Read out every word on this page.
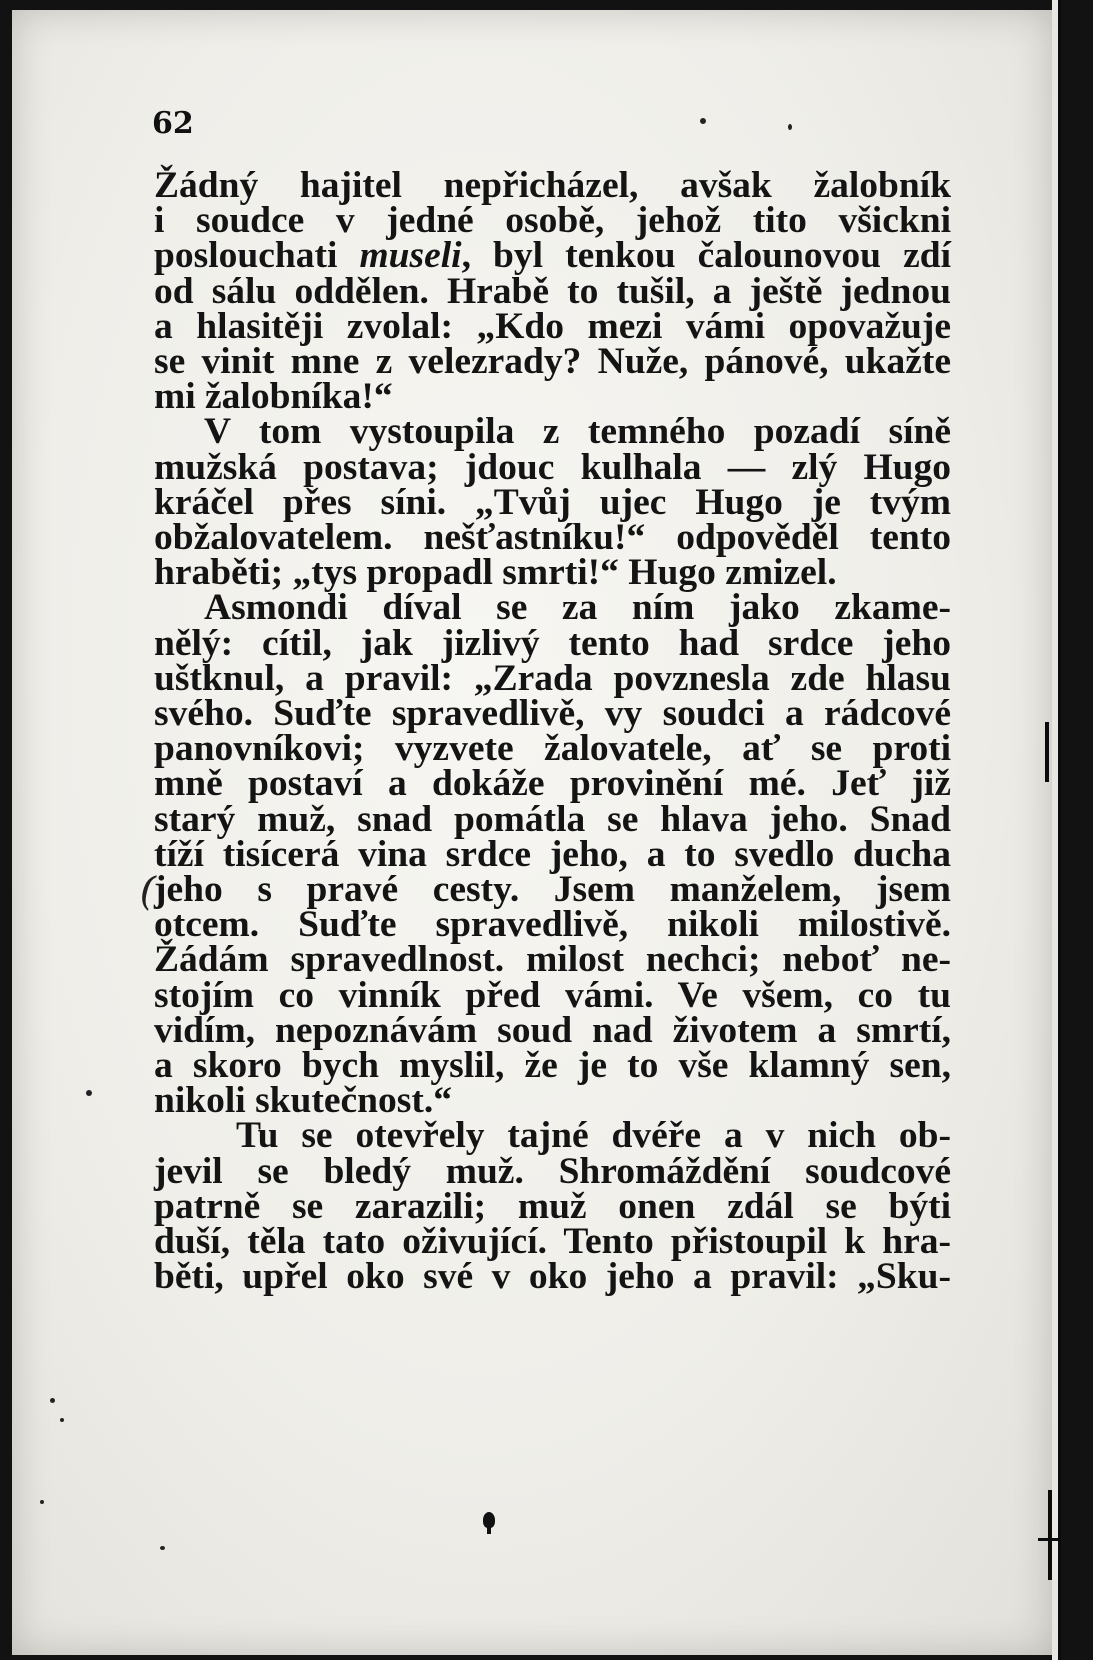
62
Žádný hajitel nepřicházel, avšak žalobník
i soudce v jedné osobě, jehož tito všickni
poslouchati museli, byl tenkou čalounovou zdí
od sálu oddělen. Hrabě to tušil, a ještě jednou
a hlasitěji zvolal: „Kdo mezi vámi opovažuje
se vinit mne z velezrady? Nuže, pánové, ukažte
mi žalobníka!“
V tom vystoupila z temného pozadí síně
mužská postava; jdouc kulhala — zlý Hugo
kráčel přes síni. „Tvůj ujec Hugo je tvým
obžalovatelem. nešťastníku!“ odpověděl tento
hraběti; „tys propadl smrti!“ Hugo zmizel.
Asmondi díval se za ním jako zkame-
nělý: cítil, jak jizlivý tento had srdce jeho
uštknul, a pravil: „Zrada povznesla zde hlasu
svého. Suďte spravedlivě, vy soudci a rádcové
panovníkovi; vyzvete žalovatele, ať se proti
mně postaví a dokáže provinění mé. Jeť již
starý muž, snad pomátla se hlava jeho. Snad
tíží tisícerá vina srdce jeho, a to svedlo ducha
jeho s pravé cesty. Jsem manželem, jsem
otcem. Suďte spravedlivě, nikoli milostivě.
Žádám spravedlnost. milost nechci; neboť ne-
stojím co vinník před vámi. Ve všem, co tu
vidím, nepoznávám soud nad životem a smrtí,
a skoro bych myslil, že je to vše klamný sen,
nikoli skutečnost.“
Tu se otevřely tajné dvéře a v nich ob-
jevil se bledý muž. Shromáždění soudcové
patrně se zarazili; muž onen zdál se býti
duší, těla tato oživující. Tento přistoupil k hra-
běti, upřel oko své v oko jeho a pravil: „Sku-
(
